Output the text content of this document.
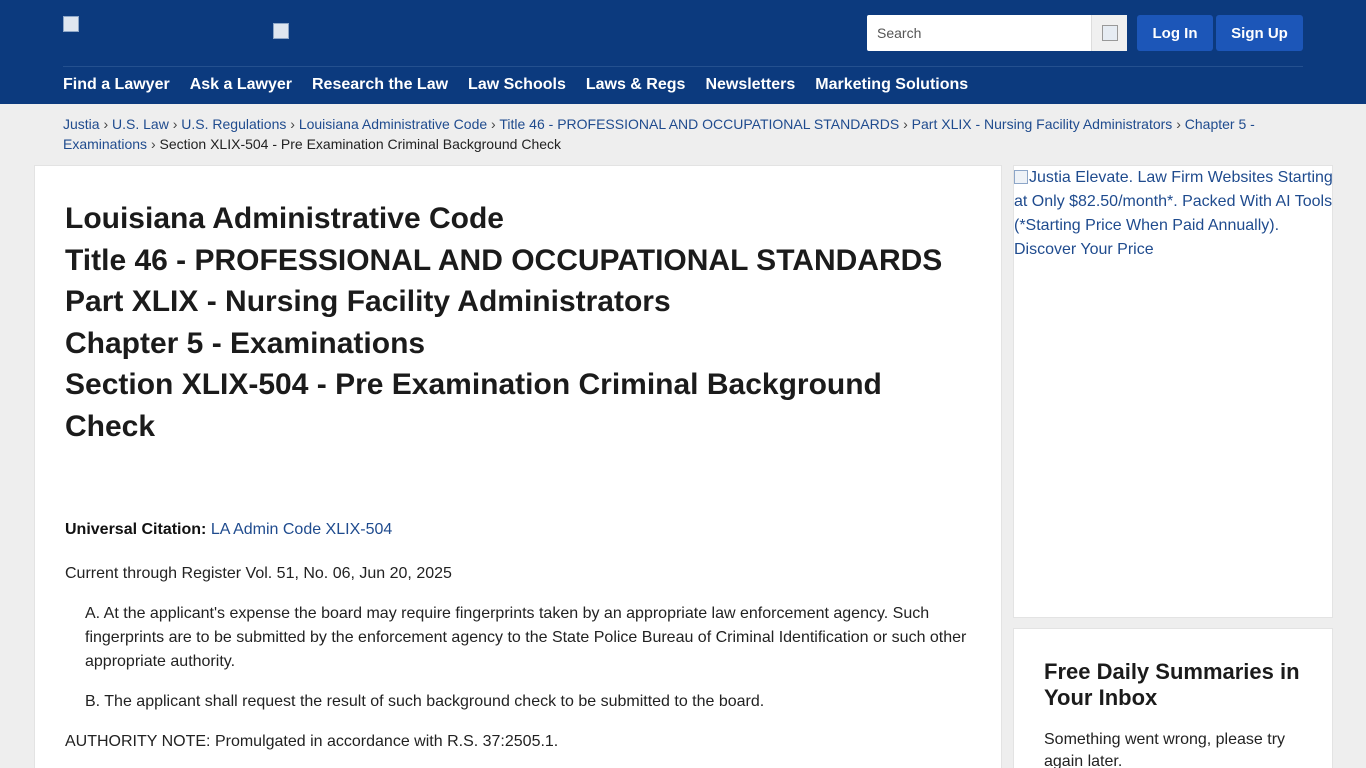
Search
Log In	Sign Up
Find a Lawyer Ask a Lawyer Research the Law Law Schools Laws & Regs Newsletters Marketing Solutions
Justia › U.S. Law › U.S. Regulations › Louisiana Administrative Code › Title 46 - PROFESSIONAL AND OCCUPATIONAL STANDARDS › Part XLIX - Nursing Facility Administrators › Chapter 5 - Examinations › Section XLIX-504 - Pre Examination Criminal Background Check
Louisiana Administrative Code
Title 46 - PROFESSIONAL AND OCCUPATIONAL STANDARDS
Part XLIX - Nursing Facility Administrators
Chapter 5 - Examinations
Section XLIX-504 - Pre Examination Criminal Background Check
Universal Citation: LA Admin Code XLIX-504
Current through Register Vol. 51, No. 06, Jun 20, 2025

A. At the applicant's expense the board may require fingerprints taken by an appropriate law enforcement agency. Such fingerprints are to be submitted by the enforcement agency to the State Police Bureau of Criminal Identification or such other appropriate authority.

B. The applicant shall request the result of such background check to be submitted to the board.

AUTHORITY NOTE: Promulgated in accordance with R.S. 37:2505.1.
Justia Elevate. Law Firm Websites Starting at Only $82.50/month*. Packed With AI Tools (*Starting Price When Paid Annually). Discover Your Price
Free Daily Summaries in Your Inbox

Something went wrong, please try again later.
